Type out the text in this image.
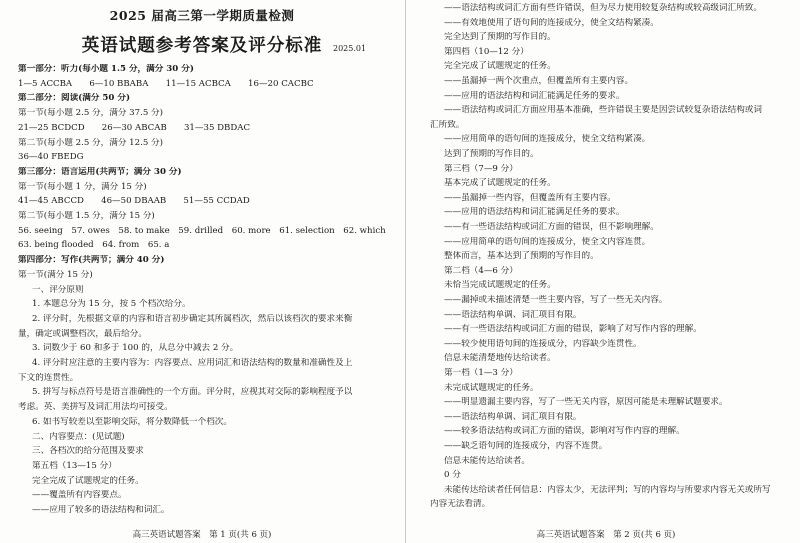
2025 届高三第一学期质量检测
英语试题参考答案及评分标准	2025.01
第一部分：听力(每小题 1.5 分，满分 30 分)
1—5 ACCBA　　6—10 BBABA　　11—15 ACBCA　　16—20 CACBC
第二部分：阅读(满分 50 分)
第一节(每小题 2.5 分，满分 37.5 分)
21—25 BCDCD　　26—30 ABCAB　　31—35 DBDAC
第二节(每小题 2.5 分，满分 12.5 分)
36—40 FBEDG
第三部分：语言运用(共两节；满分 30 分)
第一节(每小题 1 分，满分 15 分)
41—45 ABCCD　　46—50 DBAAB　　51—55 CCDAD
第二节(每小题 1.5 分，满分 15 分)
56. seeing　57. owes　58. to make　59. drilled　60. more　61. selection　62. which
63. being flooded　64. from　65. a
第四部分：写作(共两节；满分 40 分)
第一节(满分 15 分)
一、评分原则
1. 本题总分为 15 分，按 5 个档次给分。
2. 评分时，先根据文章的内容和语言初步确定其所属档次，然后以该档次的要求来衡
量，确定或调整档次，最后给分。
3. 词数少于 60 和多于 100 的，从总分中减去 2 分。
4. 评分时应注意的主要内容为：内容要点、应用词汇和语法结构的数量和准确性及上
下文的连贯性。
5. 拼写与标点符号是语言准确性的一个方面。评分时，应视其对交际的影响程度予以
考虑。英、美拼写及词汇用法均可接受。
6. 如书写较差以至影响交际，将分数降低一个档次。
二、内容要点：(见试题)
三、各档次的给分范围及要求
第五档（13—15 分）
完全完成了试题规定的任务。
——覆盖所有内容要点。
——应用了较多的语法结构和词汇。
高三英语试题答案　第 1 页(共 6 页)
——语法结构或词汇方面有些许错误，但为尽力使用较复杂结构或较高级词汇所致。
——有效地使用了语句间的连接成分，使全文结构紧凑。
完全达到了预期的写作目的。
第四档（10—12 分）
完全完成了试题规定的任务。
——虽漏掉一两个次重点，但覆盖所有主要内容。
——应用的语法结构和词汇能满足任务的要求。
——语法结构或词汇方面应用基本准确，些许错误主要是因尝试较复杂语法结构或词
汇所致。
——应用简单的语句间的连接成分，使全文结构紧凑。
达到了预期的写作目的。
第三档（7—9 分）
基本完成了试题规定的任务。
——虽漏掉一些内容，但覆盖所有主要内容。
——应用的语法结构和词汇能满足任务的要求。
——有一些语法结构或词汇方面的错误，但不影响理解。
——应用简单的语句间的连接成分，使全文内容连贯。
整体而言，基本达到了预期的写作目的。
第二档（4—6 分）
未恰当完成试题规定的任务。
——漏掉或未描述清楚一些主要内容，写了一些无关内容。
——语法结构单调、词汇项目有限。
——有一些语法结构或词汇方面的错误，影响了对写作内容的理解。
——较少使用语句间的连接成分，内容缺少连贯性。
信息未能清楚地传达给读者。
第一档（1—3 分）
未完成试题规定的任务。
——明显遗漏主要内容，写了一些无关内容，原因可能是未理解试题要求。
——语法结构单调、词汇项目有限。
——较多语法结构或词汇方面的错误，影响对写作内容的理解。
——缺乏语句间的连接成分，内容不连贯。
信息未能传达给读者。
0 分
未能传达给读者任何信息：内容太少，无法评判；写的内容均与所要求内容无关或所写
内容无法看清。
高三英语试题答案　第 2 页(共 6 页)
